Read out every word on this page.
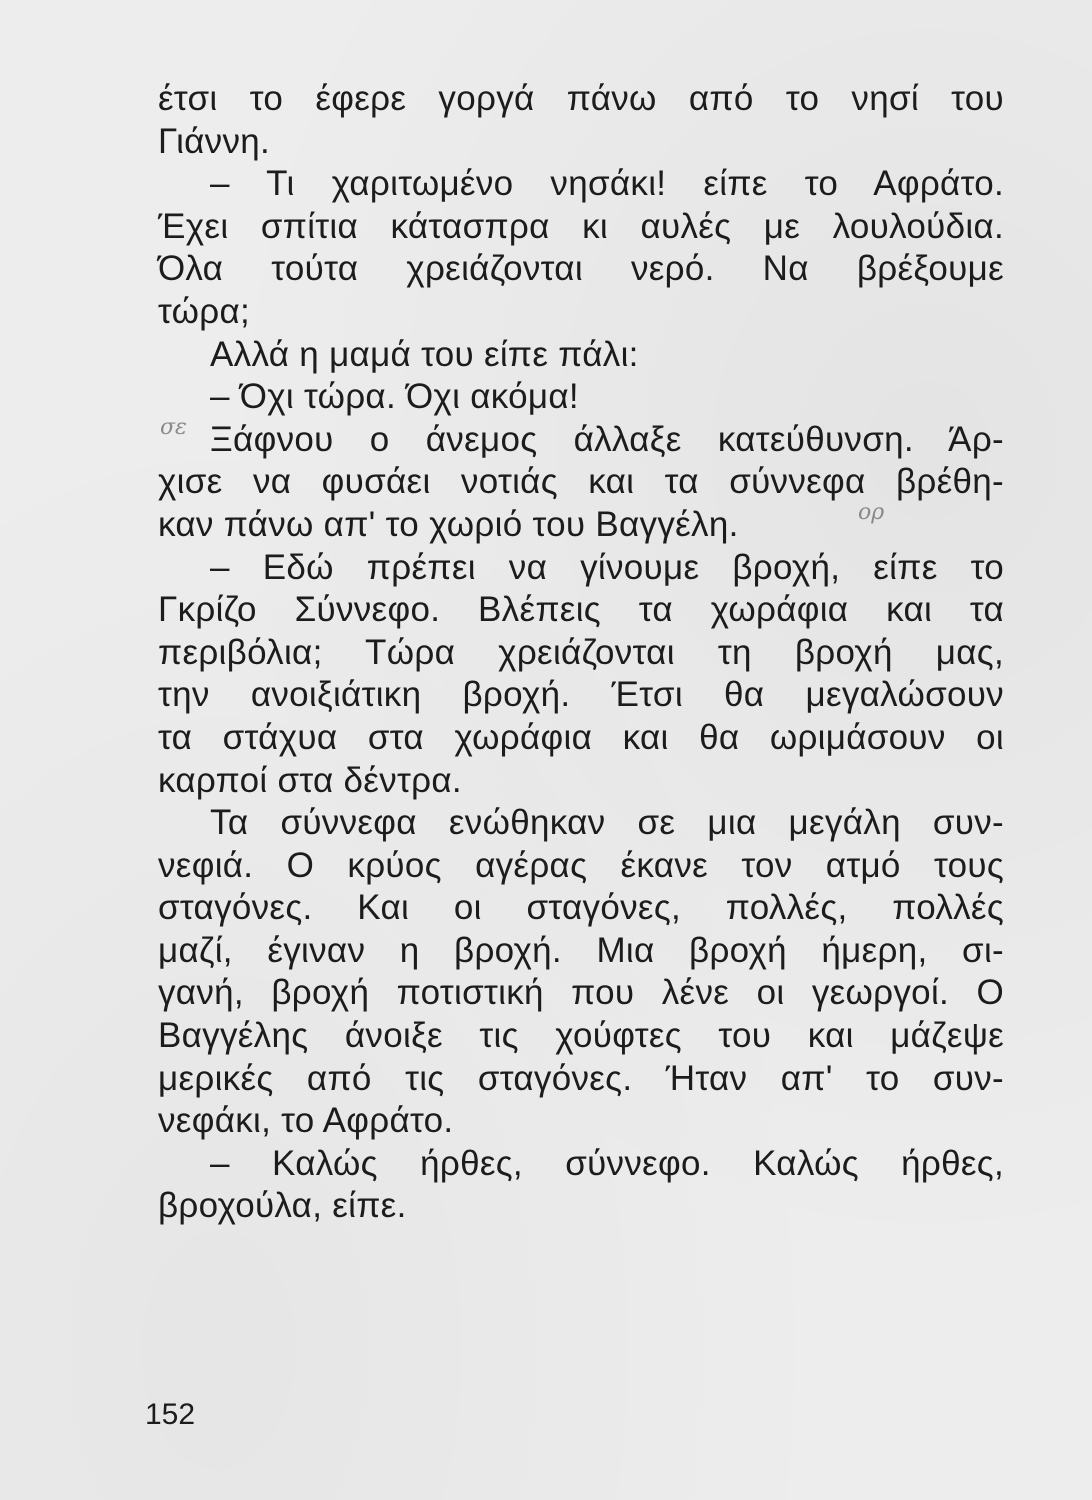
έτσι το έφερε γοργά πάνω από το νησί του
Γιάννη.
– Τι χαριτωμένο νησάκι! είπε το Αφράτο.
Έχει σπίτια κάτασπρα κι αυλές με λουλούδια.
Όλα τούτα χρειάζονται νερό. Να βρέξουμε
τώρα;
Αλλά η μαμά του είπε πάλι:
– Όχι τώρα. Όχι ακόμα!
Ξάφνου ο άνεμος άλλαξε κατεύθυνση. Άρ-
χισε να φυσάει νοτιάς και τα σύννεφα βρέθη-
καν πάνω απ' το χωριό του Βαγγέλη.
– Εδώ πρέπει να γίνουμε βροχή, είπε το
Γκρίζο Σύννεφο. Βλέπεις τα χωράφια και τα
περιβόλια; Τώρα χρειάζονται τη βροχή μας,
την ανοιξιάτικη βροχή. Έτσι θα μεγαλώσουν
τα στάχυα στα χωράφια και θα ωριμάσουν οι
καρποί στα δέντρα.
Τα σύννεφα ενώθηκαν σε μια μεγάλη συν-
νεφιά. Ο κρύος αγέρας έκανε τον ατμό τους
σταγόνες. Και οι σταγόνες, πολλές, πολλές
μαζί, έγιναν η βροχή. Μια βροχή ήμερη, σι-
γανή, βροχή ποτιστική που λένε οι γεωργοί. Ο
Βαγγέλης άνοιξε τις χούφτες του και μάζεψε
μερικές από τις σταγόνες. Ήταν απ' το συν-
νεφάκι, το Αφράτο.
– Καλώς ήρθες, σύννεφο. Καλώς ήρθες,
βροχούλα, είπε.
σε
ορ
152
